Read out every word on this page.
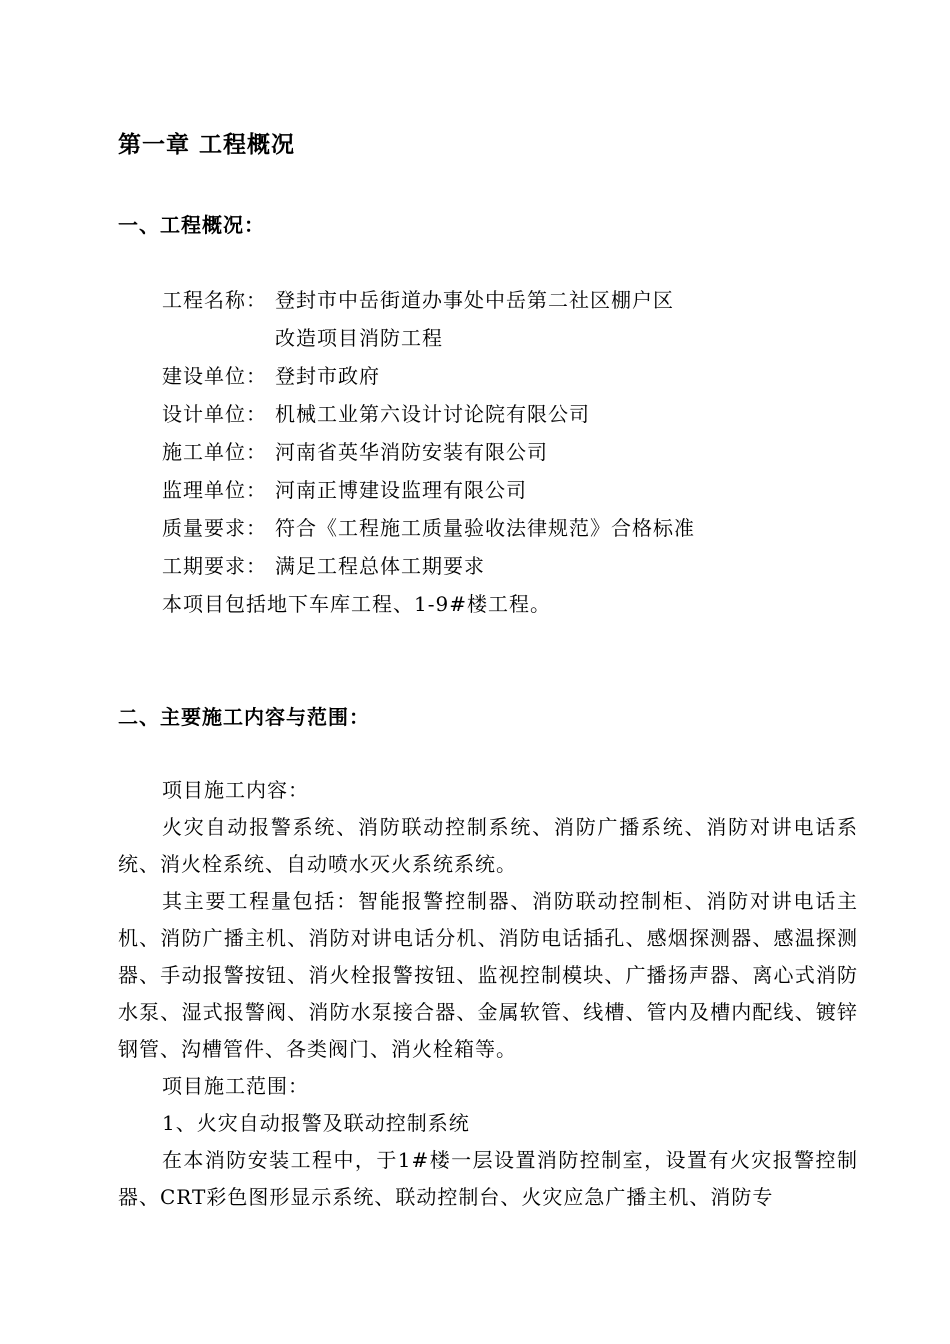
第一章 工程概况
一、工程概况：
工程名称： 登封市中岳街道办事处中岳第二社区棚户区
改造项目消防工程
建设单位： 登封市政府
设计单位： 机械工业第六设计讨论院有限公司
施工单位： 河南省英华消防安装有限公司
监理单位： 河南正博建设监理有限公司
质量要求： 符合《工程施工质量验收法律规范》合格标准
工期要求： 满足工程总体工期要求
本项目包括地下车库工程、1-9#楼工程。
二、主要施工内容与范围：

项目施工内容：

火灾自动报警系统、消防联动控制系统、消防广播系统、消防对讲电话系统、消火栓系统、自动喷水灭火系统系统。

其主要工程量包括：智能报警控制器、消防联动控制柜、消防对讲电话主机、消防广播主机、消防对讲电话分机、消防电话插孔、感烟探测器、感温探测器、手动报警按钮、消火栓报警按钮、监视控制模块、广播扬声器、离心式消防水泵、湿式报警阀、消防水泵接合器、金属软管、线槽、管内及槽内配线、镀锌钢管、沟槽管件、各类阀门、消火栓箱等。

项目施工范围：

1、火灾自动报警及联动控制系统

在本消防安装工程中，于1#楼一层设置消防控制室，设置有火灾报警控制器、CRT彩色图形显示系统、联动控制台、火灾应急广播主机、消防专
